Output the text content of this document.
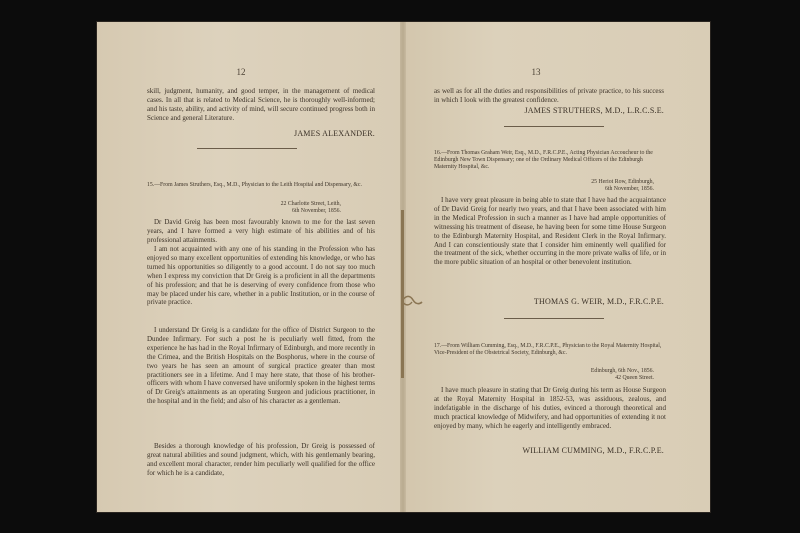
12

skill, judgment, humanity, and good temper, in the management of medical cases. In all that is related to Medical Science, he is thoroughly well-informed; and his taste, ability, and activity of mind, will secure continued progress both in Science and general Literature.

JAMES ALEXANDER.

15.—From James Struthers, Esq., M.D., Physician to the Leith Hospital and Dispensary, &c.

22 Charlotte Street, Leith,

6th November, 1856.

Dr David Greig has been most favourably known to me for the last seven years, and I have formed a very high estimate of his abilities and of his professional attainments.

I am not acquainted with any one of his standing in the Profession who has enjoyed so many excellent opportunities of extending his knowledge, or who has turned his opportunities so diligently to a good account. I do not say too much when I express my conviction that Dr Greig is a proficient in all the departments of his profession; and that he is deserving of every confidence from those who may be placed under his care, whether in a public Institution, or in the course of private practice.

I understand Dr Greig is a candidate for the office of District Surgeon to the Dundee Infirmary. For such a post he is peculiarly well fitted, from the experience he has had in the Royal Infirmary of Edinburgh, and more recently in the Crimea, and the British Hospitals on the Bosphorus, where in the course of two years he has seen an amount of surgical practice greater than most practitioners see in a lifetime. And I may here state, that those of his brother-officers with whom I have conversed have uniformly spoken in the highest terms of Dr Greig's attainments as an operating Surgeon and judicious practitioner, in the hospital and in the field; and also of his character as a gentleman.

Besides a thorough knowledge of his profession, Dr Greig is possessed of great natural abilities and sound judgment, which, with his gentlemanly bearing, and excellent moral character, render him peculiarly well qualified for the office for which he is a candidate,

13

as well as for all the duties and responsibilities of private practice, to his success in which I look with the greatest confidence.

JAMES STRUTHERS, M.D., L.R.C.S.E.

16.—From Thomas Graham Weir, Esq., M.D., F.R.C.P.E., Acting Physician Accoucheur to the Edinburgh New Town Dispensary; one of the Ordinary Medical Officers of the Edinburgh Maternity Hospital, &c.

25 Heriot Row, Edinburgh,

6th November, 1856.

I have very great pleasure in being able to state that I have had the acquaintance of Dr David Greig for nearly two years, and that I have been associated with him in the Medical Profession in such a manner as I have had ample opportunities of witnessing his treatment of disease, he having been for some time House Surgeon to the Edinburgh Maternity Hospital, and Resident Clerk in the Royal Infirmary. And I can conscientiously state that I consider him eminently well qualified for the treatment of the sick, whether occurring in the more private walks of life, or in the more public situation of an hospital or other benevolent institution.

THOMAS G. WEIR, M.D., F.R.C.P.E.

17.—From William Cumming, Esq., M.D., F.R.C.P.E., Physician to the Royal Maternity Hospital, Vice-President of the Obstetrical Society, Edinburgh, &c.

Edinburgh, 6th Nov., 1856.

42 Queen Street.

I have much pleasure in stating that Dr Greig during his term as House Surgeon at the Royal Maternity Hospital in 1852-53, was assiduous, zealous, and indefatigable in the discharge of his duties, evinced a thorough theoretical and much practical knowledge of Midwifery, and had opportunities of extending it not enjoyed by many, which he eagerly and intelligently embraced.

WILLIAM CUMMING, M.D., F.R.C.P.E.
